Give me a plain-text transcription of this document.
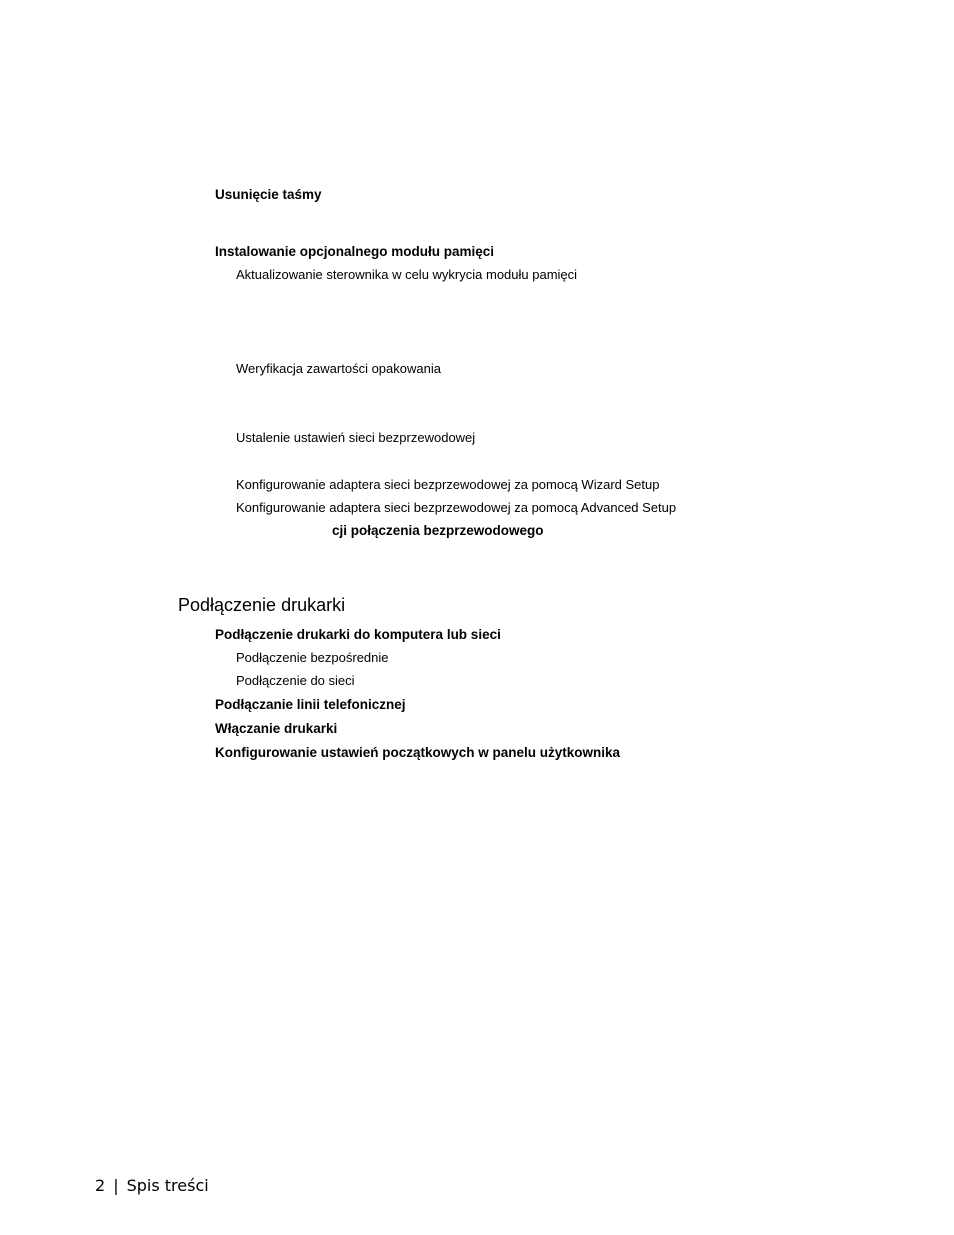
Usunięcie taśmy
Instalowanie opcjonalnego modułu pamięci
Aktualizowanie sterownika w celu wykrycia modułu pamięci
Weryfikacja zawartości opakowania
Ustalenie ustawień sieci bezprzewodowej
Konfigurowanie adaptera sieci bezprzewodowej za pomocą Wizard Setup
Konfigurowanie adaptera sieci bezprzewodowej za pomocą Advanced Setup
cji połączenia bezprzewodowego
Podłączenie drukarki
Podłączenie drukarki do komputera lub sieci
Podłączenie bezpośrednie
Podłączenie do sieci
Podłączanie linii telefonicznej
Włączanie drukarki
Konfigurowanie ustawień początkowych w panelu użytkownika
2 | Spis treści
